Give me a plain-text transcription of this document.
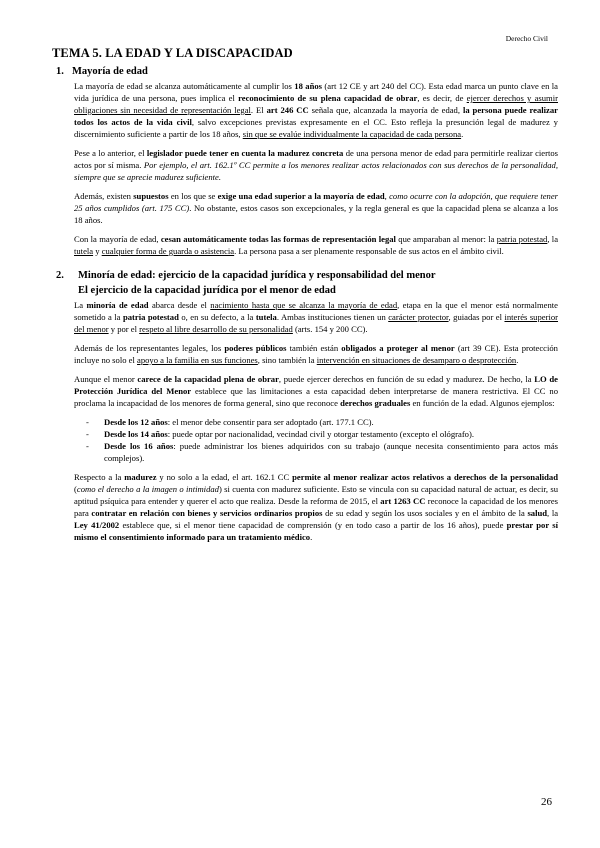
Derecho Civil
TEMA 5. LA EDAD Y LA DISCAPACIDAD
1. Mayoría de edad

La mayoría de edad se alcanza automáticamente al cumplir los 18 años (art 12 CE y art 240 del CC). Esta edad marca un punto clave en la vida jurídica de una persona, pues implica el reconocimiento de su plena capacidad de obrar, es decir, de ejercer derechos y asumir obligaciones sin necesidad de representación legal. El art 246 CC señala que, alcanzada la mayoría de edad, la persona puede realizar todos los actos de la vida civil, salvo excepciones previstas expresamente en el CC. Esto refleja la presunción legal de madurez y discernimiento suficiente a partir de los 18 años, sin que se evalúe individualmente la capacidad de cada persona.

Pese a lo anterior, el legislador puede tener en cuenta la madurez concreta de una persona menor de edad para permitirle realizar ciertos actos por sí misma. Por ejemplo, el art. 162.1º CC permite a los menores realizar actos relacionados con sus derechos de la personalidad, siempre que se aprecie madurez suficiente.

Además, existen supuestos en los que se exige una edad superior a la mayoría de edad, como ocurre con la adopción, que requiere tener 25 años cumplidos (art. 175 CC). No obstante, estos casos son excepcionales, y la regla general es que la capacidad plena se alcanza a los 18 años.

Con la mayoría de edad, cesan automáticamente todas las formas de representación legal que amparaban al menor: la patria potestad, la tutela y cualquier forma de guarda o asistencia. La persona pasa a ser plenamente responsable de sus actos en el ámbito civil.

2. Minoría de edad: ejercicio de la capacidad jurídica y responsabilidad del menor
El ejercicio de la capacidad jurídica por el menor de edad

La minoría de edad abarca desde el nacimiento hasta que se alcanza la mayoría de edad, etapa en la que el menor está normalmente sometido a la patria potestad o, en su defecto, a la tutela. Ambas instituciones tienen un carácter protector, guiadas por el interés superior del menor y por el respeto al libre desarrollo de su personalidad (arts. 154 y 200 CC).

Además de los representantes legales, los poderes públicos también están obligados a proteger al menor (art 39 CE). Esta protección incluye no solo el apoyo a la familia en sus funciones, sino también la intervención en situaciones de desamparo o desprotección.

Aunque el menor carece de la capacidad plena de obrar, puede ejercer derechos en función de su edad y madurez. De hecho, la LO de Protección Jurídica del Menor establece que las limitaciones a esta capacidad deben interpretarse de manera restrictiva. El CC no proclama la incapacidad de los menores de forma general, sino que reconoce derechos graduales en función de la edad. Algunos ejemplos:

- Desde los 12 años: el menor debe consentir para ser adoptado (art. 177.1 CC).
- Desde los 14 años: puede optar por nacionalidad, vecindad civil y otorgar testamento (excepto el ológrafo).
- Desde los 16 años: puede administrar los bienes adquiridos con su trabajo (aunque necesita consentimiento para actos más complejos).

Respecto a la madurez y no solo a la edad, el art. 162.1 CC permite al menor realizar actos relativos a derechos de la personalidad (como el derecho a la imagen o intimidad) si cuenta con madurez suficiente. Esto se vincula con su capacidad natural de actuar, es decir, su aptitud psíquica para entender y querer el acto que realiza. Desde la reforma de 2015, el art 1263 CC reconoce la capacidad de los menores para contratar en relación con bienes y servicios ordinarios propios de su edad y según los usos sociales y en el ámbito de la salud, la Ley 41/2002 establece que, si el menor tiene capacidad de comprensión (y en todo caso a partir de los 16 años), puede prestar por sí mismo el consentimiento informado para un tratamiento médico.

26
